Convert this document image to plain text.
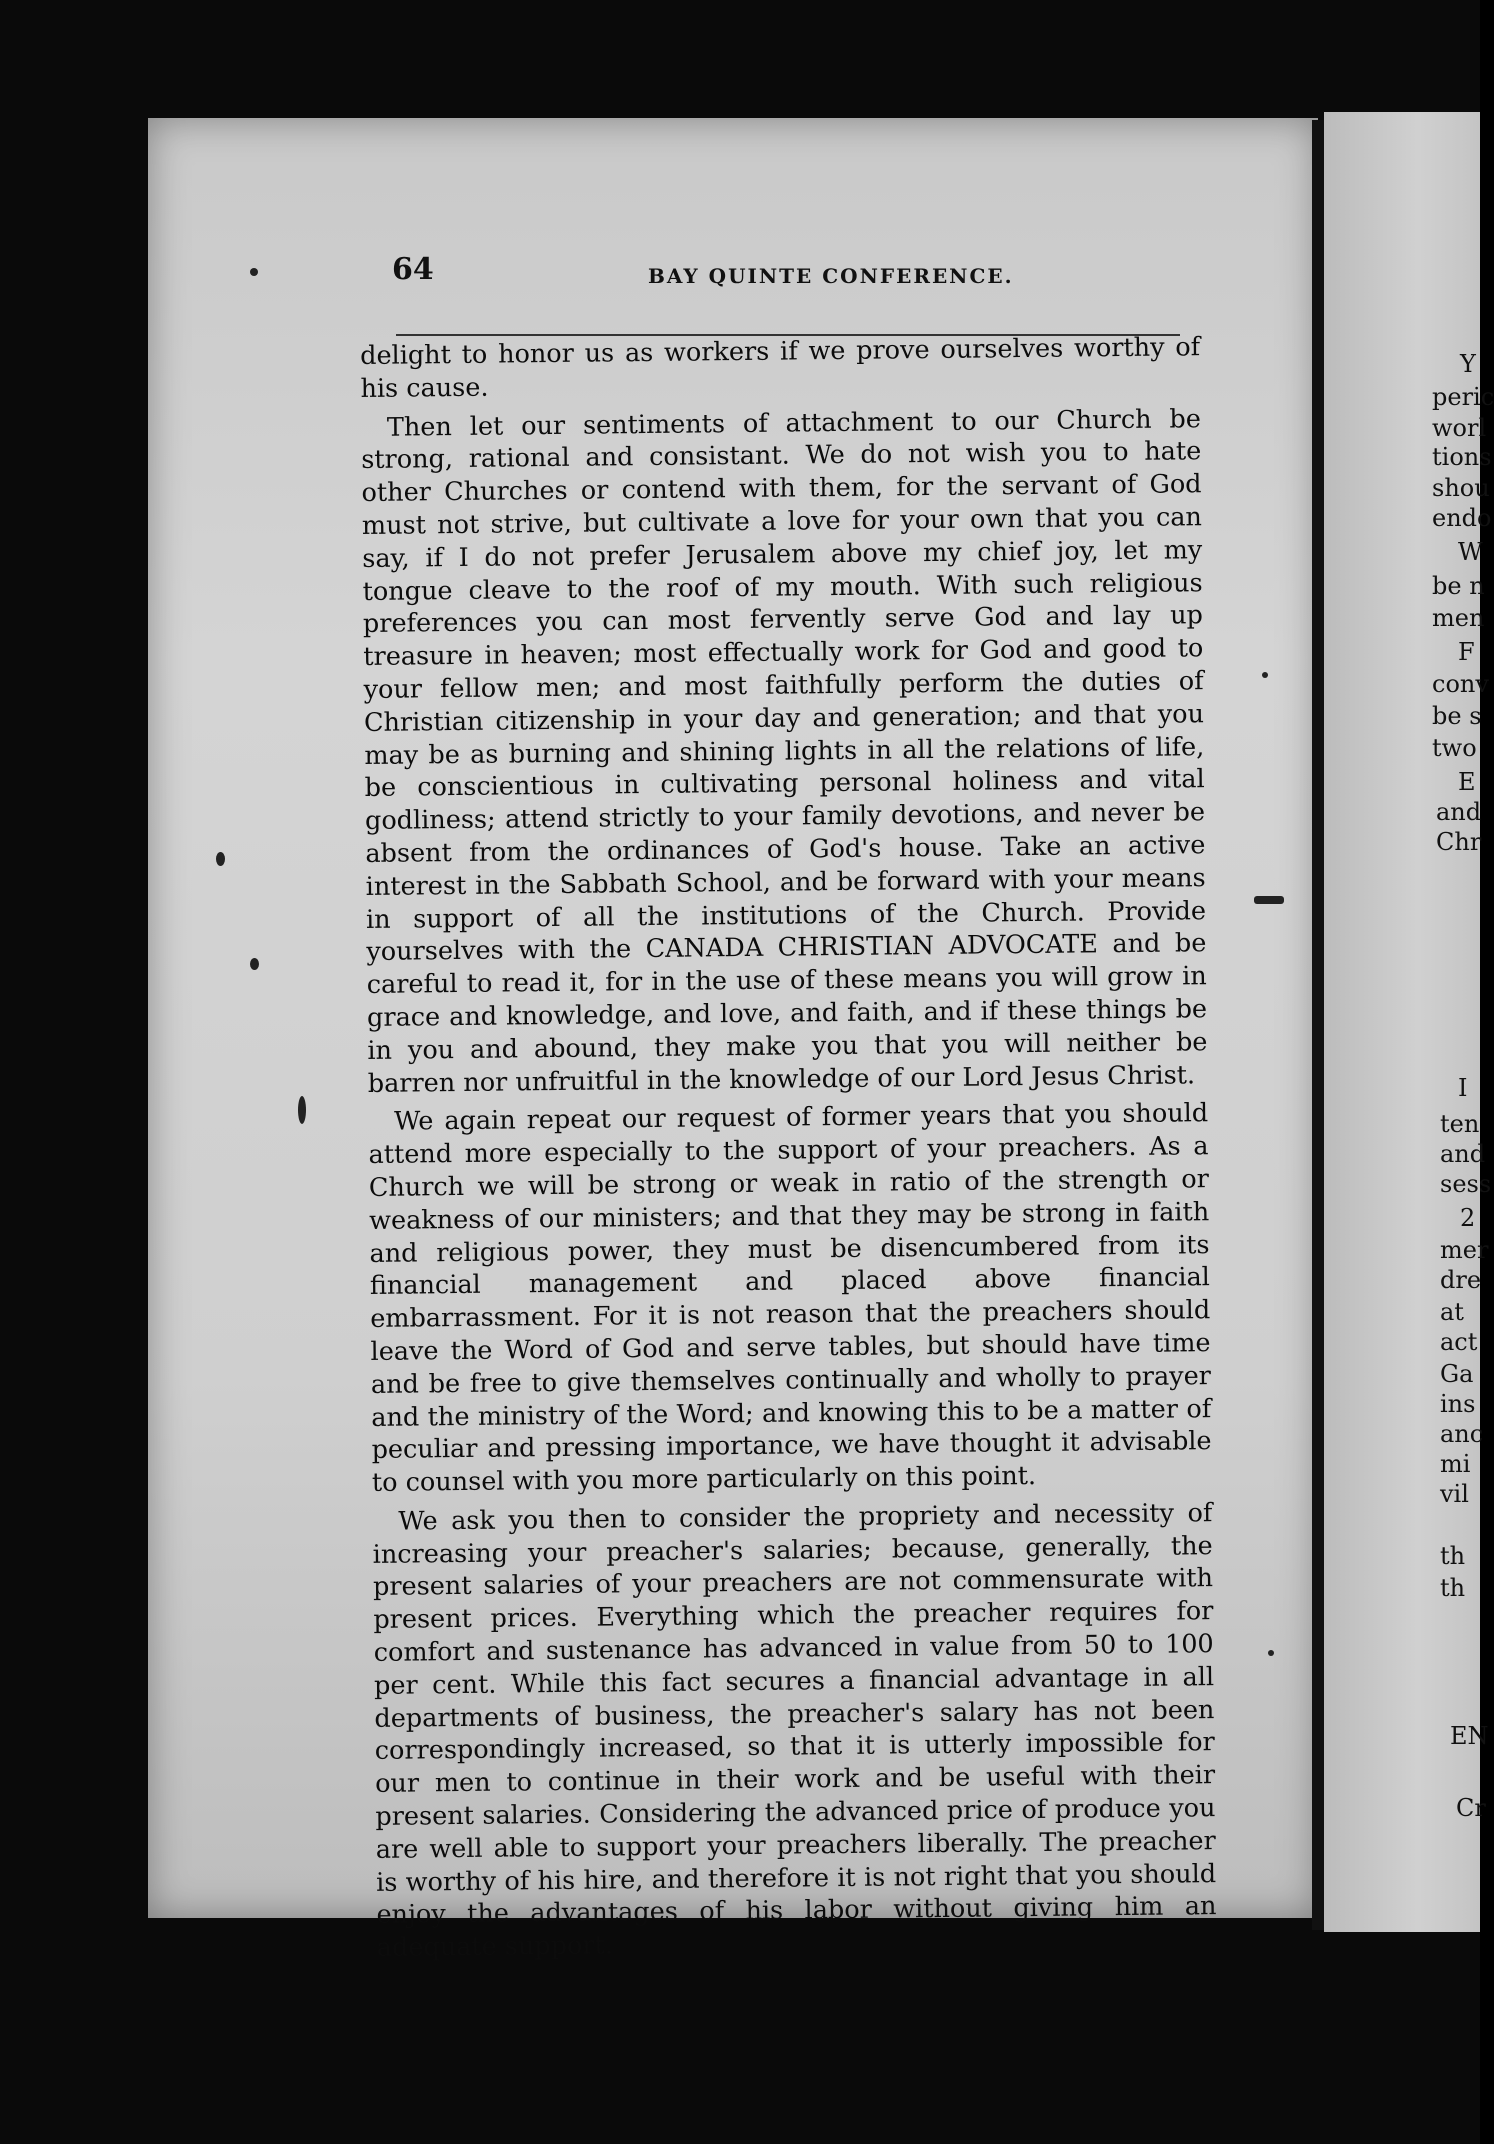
64	BAY QUINTE CONFERENCE.

delight to honor us as workers if we prove ourselves worthy of his cause.

Then let our sentiments of attachment to our Church be strong, rational and consistant. We do not wish you to hate other Churches or contend with them, for the servant of God must not strive, but cultivate a love for your own that you can say, if I do not prefer Jerusalem above my chief joy, let my tongue cleave to the roof of my mouth. With such religious preferences you can most fervently serve God and lay up treasure in heaven; most effectually work for God and good to your fellow men; and most faithfully perform the duties of Christian citizenship in your day and generation; and that you may be as burning and shining lights in all the relations of life, be conscientious in cultivating personal holiness and vital godliness; attend strictly to your family devotions, and never be absent from the ordinances of God's house. Take an active interest in the Sabbath School, and be forward with your means in support of all the institutions of the Church. Provide yourselves with the CANADA CHRISTIAN ADVOCATE and be careful to read it, for in the use of these means you will grow in grace and knowledge, and love, and faith, and if these things be in you and abound, they make you that you will neither be barren nor unfruitful in the knowledge of our Lord Jesus Christ.

We again repeat our request of former years that you should attend more especially to the support of your preachers. As a Church we will be strong or weak in ratio of the strength or weakness of our ministers; and that they may be strong in faith and religious power, they must be disencumbered from its financial management and placed above financial embarrassment. For it is not reason that the preachers should leave the Word of God and serve tables, but should have time and be free to give themselves continually and wholly to prayer and the ministry of the Word; and knowing this to be a matter of peculiar and pressing importance, we have thought it advisable to counsel with you more particularly on this point.

We ask you then to consider the propriety and necessity of increasing your preacher's salaries; because, generally, the present salaries of your preachers are not commensurate with present prices. Everything which the preacher requires for comfort and sustenance has advanced in value from 50 to 100 per cent. While this fact secures a financial advantage in all departments of business, the preacher's salary has not been correspondingly increased, so that it is utterly impossible for our men to continue in their work and be useful with their present salaries. Considering the advanced price of produce you are well able to support your preachers liberally. The preacher is worthy of his hire, and therefore it is not right that you should enjoy the advantages of his labor without giving him an adequate support.

Y
peric
worl
tions
shou
endo
W
be n
men
F
conv
be s
two
E
and
Chr
I
ten
and
sess
2
mer
dre
at
act
Ga
ins
anc
mi
vil
th
th
EN
Cr
